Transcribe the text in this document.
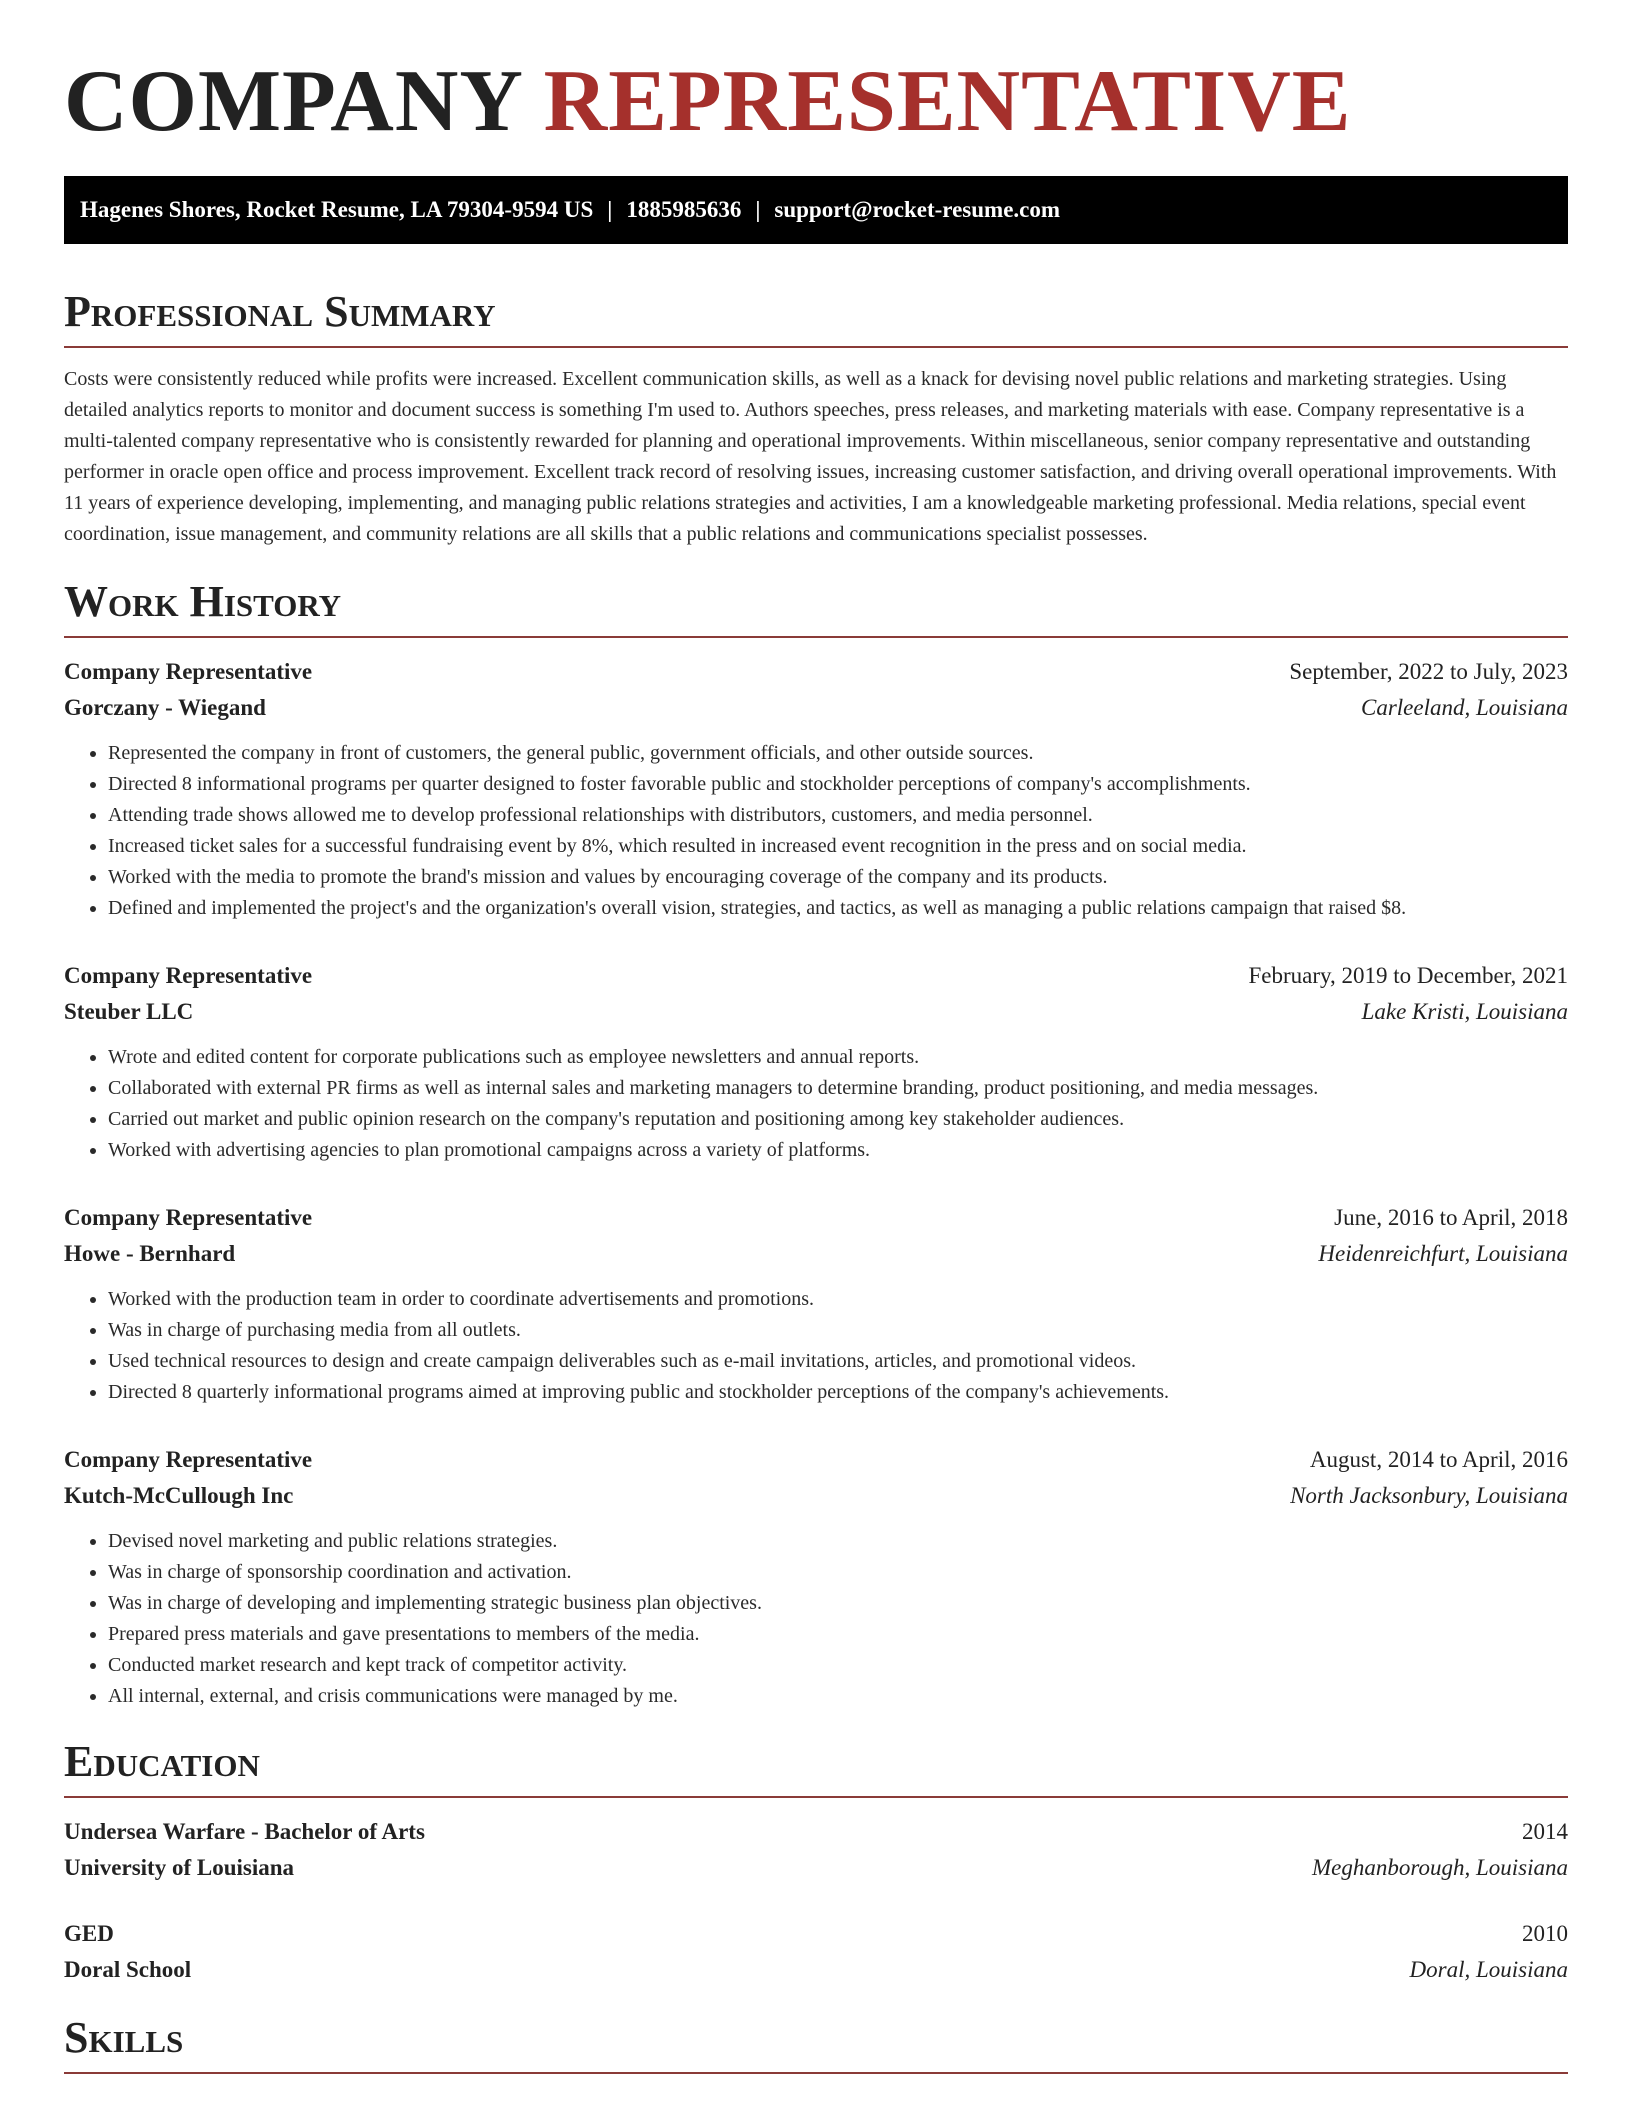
COMPANY REPRESENTATIVE
Hagenes Shores, Rocket Resume, LA 79304-9594 US | 1885985636 | support@rocket-resume.com
Professional Summary

Costs were consistently reduced while profits were increased. Excellent communication skills, as well as a knack for devising novel public relations and marketing strategies. Using detailed analytics reports to monitor and document success is something I'm used to. Authors speeches, press releases, and marketing materials with ease. Company representative is a multi-talented company representative who is consistently rewarded for planning and operational improvements. Within miscellaneous, senior company representative and outstanding performer in oracle open office and process improvement. Excellent track record of resolving issues, increasing customer satisfaction, and driving overall operational improvements. With 11 years of experience developing, implementing, and managing public relations strategies and activities, I am a knowledgeable marketing professional. Media relations, special event coordination, issue management, and community relations are all skills that a public relations and communications specialist possesses.

Work History
Company Representative	September, 2022 to July, 2023
Gorczany - Wiegand	Carleeland, Louisiana
• Represented the company in front of customers, the general public, government officials, and other outside sources.
• Directed 8 informational programs per quarter designed to foster favorable public and stockholder perceptions of company's accomplishments.
• Attending trade shows allowed me to develop professional relationships with distributors, customers, and media personnel.
• Increased ticket sales for a successful fundraising event by 8%, which resulted in increased event recognition in the press and on social media.
• Worked with the media to promote the brand's mission and values by encouraging coverage of the company and its products.
• Defined and implemented the project's and the organization's overall vision, strategies, and tactics, as well as managing a public relations campaign that raised $8.
Company Representative	February, 2019 to December, 2021
Steuber LLC	Lake Kristi, Louisiana
• Wrote and edited content for corporate publications such as employee newsletters and annual reports.
• Collaborated with external PR firms as well as internal sales and marketing managers to determine branding, product positioning, and media messages.
• Carried out market and public opinion research on the company's reputation and positioning among key stakeholder audiences.
• Worked with advertising agencies to plan promotional campaigns across a variety of platforms.
Company Representative	June, 2016 to April, 2018
Howe - Bernhard	Heidenreichfurt, Louisiana
• Worked with the production team in order to coordinate advertisements and promotions.
• Was in charge of purchasing media from all outlets.
• Used technical resources to design and create campaign deliverables such as e-mail invitations, articles, and promotional videos.
• Directed 8 quarterly informational programs aimed at improving public and stockholder perceptions of the company's achievements.
Company Representative	August, 2014 to April, 2016
Kutch-McCullough Inc	North Jacksonbury, Louisiana
• Devised novel marketing and public relations strategies.
• Was in charge of sponsorship coordination and activation.
• Was in charge of developing and implementing strategic business plan objectives.
• Prepared press materials and gave presentations to members of the media.
• Conducted market research and kept track of competitor activity.
• All internal, external, and crisis communications were managed by me.
Education
Undersea Warfare - Bachelor of Arts	2014
University of Louisiana	Meghanborough, Louisiana
GED	2010
Doral School	Doral, Louisiana
Skills
